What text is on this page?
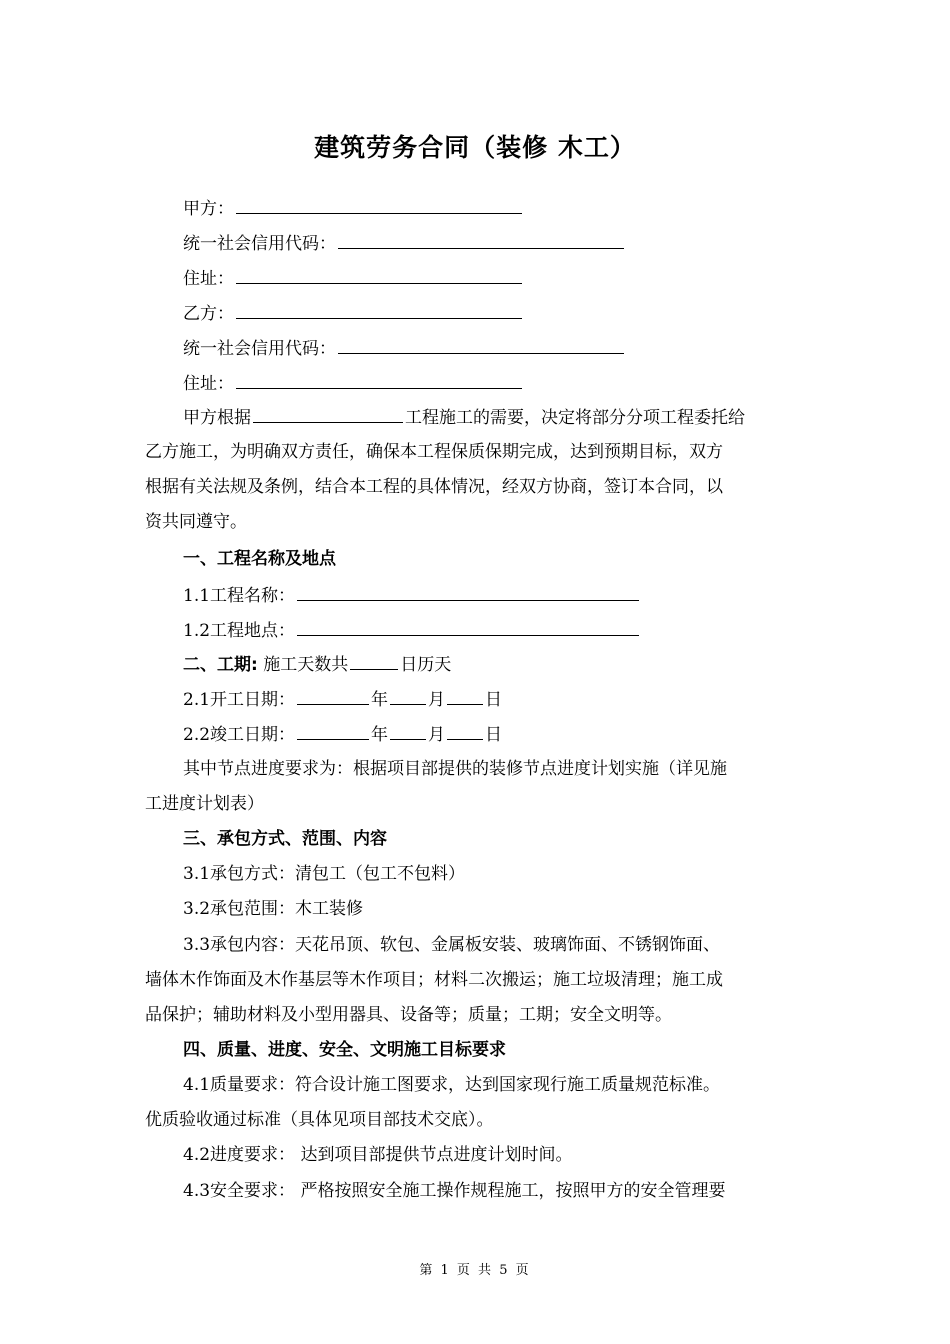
建筑劳务合同（装修 木工）
甲方：
统一社会信用代码：
住址：
乙方：
统一社会信用代码：
住址：
甲方根据	工程施工的需要，决定将部分分项工程委托给
乙方施工，为明确双方责任，确保本工程保质保期完成，达到预期目标，双方
根据有关法规及条例，结合本工程的具体情况，经双方协商，签订本合同，以
资共同遵守。
一、工程名称及地点
1.1工程名称：
1.2工程地点：
二、工期: 施工天数共	日历天
2.1开工日期：	年 月 日
2.2竣工日期：	年 月 日
其中节点进度要求为：根据项目部提供的装修节点进度计划实施（详见施
工进度计划表）
三、承包方式、范围、内容
3.1承包方式：清包工（包工不包料）
3.2承包范围：木工装修
3.3承包内容：天花吊顶、软包、金属板安装、玻璃饰面、不锈钢饰面、
墙体木作饰面及木作基层等木作项目；材料二次搬运；施工垃圾清理；施工成
品保护；辅助材料及小型用器具、设备等；质量；工期；安全文明等。
四、质量、进度、安全、文明施工目标要求
4.1质量要求：符合设计施工图要求，达到国家现行施工质量规范标准。
优质验收通过标准（具体见项目部技术交底）。
4.2进度要求： 达到项目部提供节点进度计划时间。
4.3安全要求： 严格按照安全施工操作规程施工，按照甲方的安全管理要
第 1 页 共 5 页
